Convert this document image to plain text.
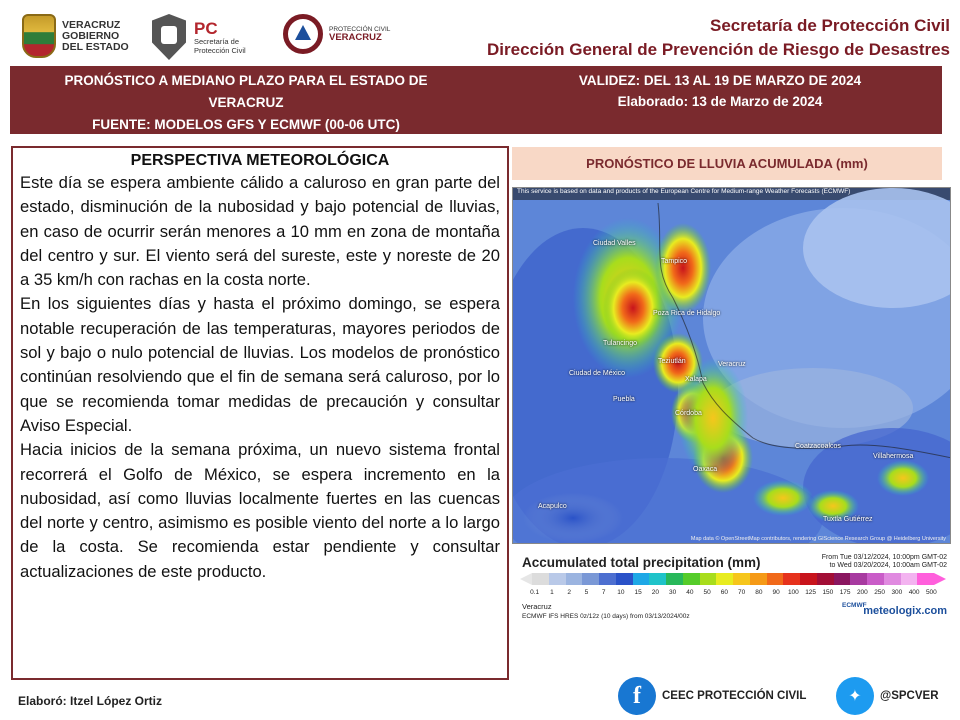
VERACRUZ
GOBIERNO
DEL ESTADO
PC
Secretaría de
Protección Civil
PROTECCIÓN CIVIL
VERACRUZ
Secretaría de Protección Civil
Dirección General de Prevención de Riesgo de Desastres
PRONÓSTICO A MEDIANO PLAZO PARA EL ESTADO DE
VERACRUZ
FUENTE: MODELOS GFS Y ECMWF (00-06 UTC)
VALIDEZ: DEL 13 AL 19 DE MARZO DE 2024
Elaborado: 13 de Marzo de 2024
PERSPECTIVA METEOROLÓGICA

Este día se espera ambiente cálido a caluroso en gran parte del estado, disminución de la nubosidad y bajo potencial de lluvias, en caso de ocurrir serán menores a 10 mm en zona de montaña del centro y sur. El viento será del sureste, este y noreste de 20 a 35 km/h con rachas en la costa norte.

En los siguientes días y hasta el próximo domingo, se espera notable recuperación de las temperaturas, mayores periodos de sol y bajo o nulo potencial de lluvias. Los modelos de pronóstico continúan resolviendo que el fin de semana será caluroso, por lo que se recomienda tomar medidas de precaución y consultar Aviso Especial.

Hacia inicios de la semana próxima, un nuevo sistema frontal recorrerá el Golfo de México, se espera incremento en la nubosidad, así como lluvias localmente fuertes en las cuencas del norte y centro, asimismo es posible viento del norte a lo largo de la costa. Se recomienda estar pendiente y consultar actualizaciones de este producto.

PRONÓSTICO DE LLUVIA ACUMULADA (mm)
This service is based on data and products of the European Centre for Medium-range Weather Forecasts (ECMWF)
Tampico
Ciudad Valles
Poza Rica de Hidalgo
Tulancingo
Ciudad de México
Puebla
Teziutlán
Xalapa
Veracruz
Córdoba
Oaxaca
Coatzacoalcos
Villahermosa
Tuxtla Gutiérrez
Acapulco
Map data © OpenStreetMap contributors, rendering GIScience Research Group @ Heidelberg University
Accumulated total precipitation (mm)	From Tue 03/12/2024, 10:00pm GMT-02
to Wed 03/20/2024, 10:00am GMT-02
0.1	1	2	5	7	10	15	20	30	40	50	60	70	80	90	100 125 150 175 200 250 300 400 500
Veracruz
ECMWF IFS HRES 0z/12z (10 days) from 03/13/2024/00z
ECMWF
meteologix.com
Elaboró: Itzel López Ortiz	f	CEEC PROTECCIÓN CIVIL	✦	@SPCVER
